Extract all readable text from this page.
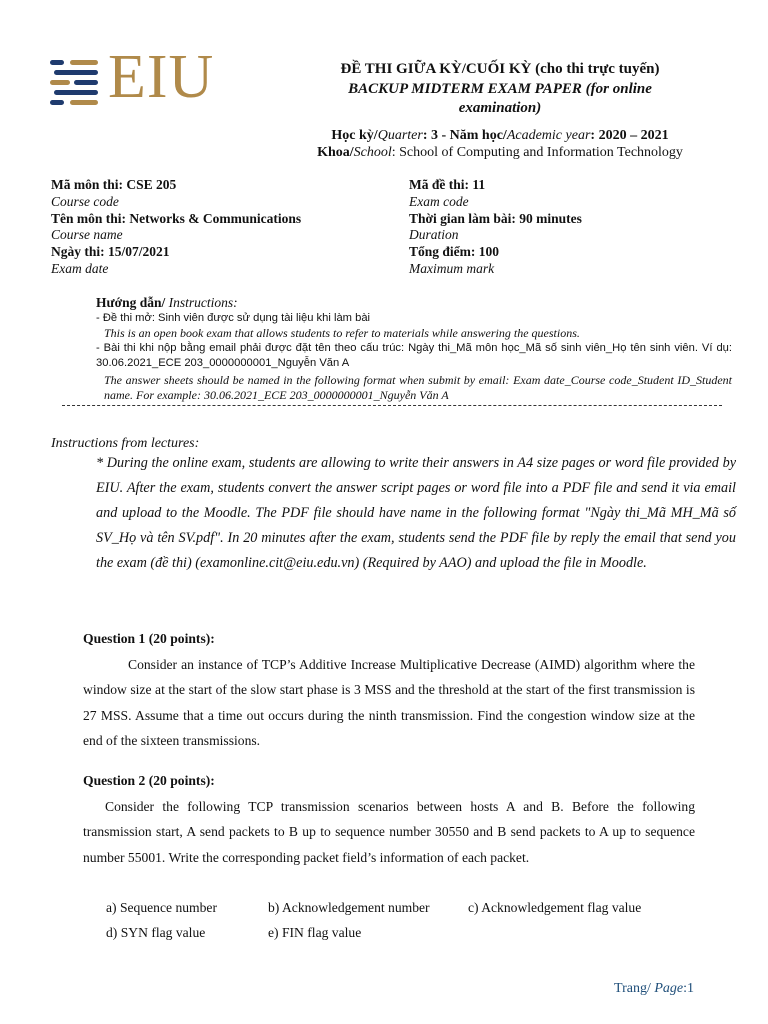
EIU	ĐỀ THI GIỮA KỲ/CUỐI KỲ (cho thi trực tuyến)
BACKUP MIDTERM EXAM PAPER (for online
examination)
Học kỳ/Quarter: 3 - Năm học/Academic year: 2020 – 2021
Khoa/School: School of Computing and Information Technology
Mã môn thi: CSE 205
Course code
Tên môn thi: Networks & Communications
Course name
Ngày thi: 15/07/2021
Exam date
Mã đề thi: 11
Exam code
Thời gian làm bài: 90 minutes
Duration
Tổng điểm: 100
Maximum mark
Hướng dẫn/ Instructions:
- Đề thi mở: Sinh viên được sử dụng tài liệu khi làm bài
This is an open book exam that allows students to refer to materials while answering the questions.
- Bài thi khi nộp bằng email phải được đặt tên theo cấu trúc: Ngày thi_Mã môn học_Mã số sinh viên_Họ tên sinh viên. Ví dụ: 30.06.2021_ECE 203_0000000001_Nguyễn Văn A
The answer sheets should be named in the following format when submit by email: Exam date_Course code_Student ID_Student name. For example: 30.06.2021_ECE 203_0000000001_Nguyễn Văn A
Instructions from lectures:
* During the online exam, students are allowing to write their answers in A4 size pages or word file provided by EIU. After the exam, students convert the answer script pages or word file into a PDF file and send it via email and upload to the Moodle. The PDF file should have name in the following format "Ngày thi_Mã MH_Mã số SV_Họ và tên SV.pdf". In 20 minutes after the exam, students send the PDF file by reply the email that send you the exam (đề thi) (examonline.cit@eiu.edu.vn) (Required by AAO) and upload the file in Moodle.
Question 1 (20 points):
Consider an instance of TCP’s Additive Increase Multiplicative Decrease (AIMD) algorithm where the window size at the start of the slow start phase is 3 MSS and the threshold at the start of the first transmission is 27 MSS. Assume that a time out occurs during the ninth transmission. Find the congestion window size at the end of the sixteen transmissions.
Question 2 (20 points):
Consider the following TCP transmission scenarios between hosts A and B. Before the following transmission start, A send packets to B up to sequence number 30550 and B send packets to A up to sequence number 55001. Write the corresponding packet field’s information of each packet.
a) Sequence number	b) Acknowledgement number	c) Acknowledgement flag value
d) SYN flag value	e) FIN flag value
Trang/ Page:1
